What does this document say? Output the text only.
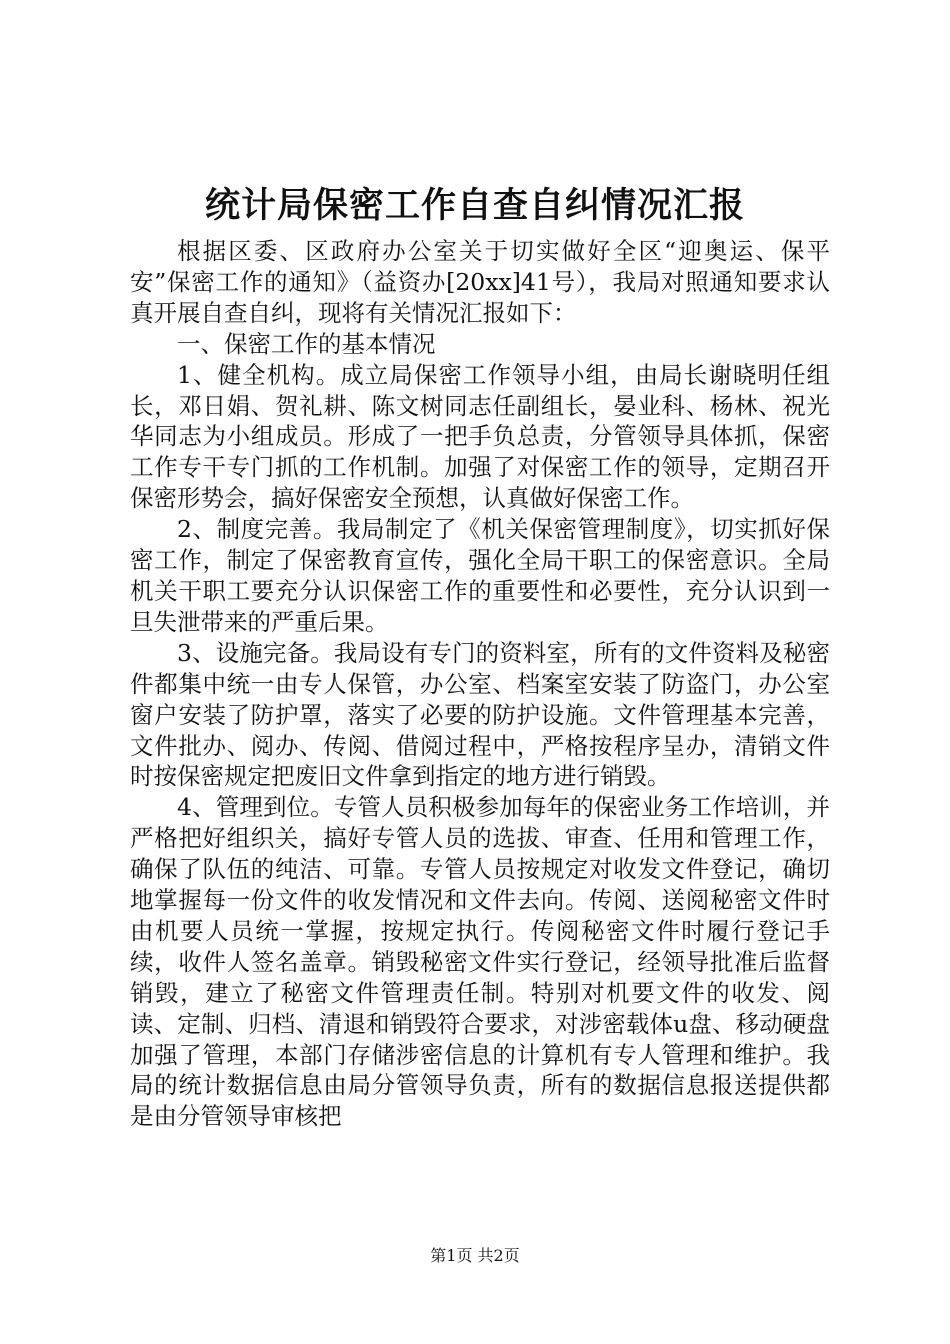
统计局保密工作自查自纠情况汇报

根据区委、区政府办公室关于切实做好全区“迎奥运、保平安”保密工作的通知》（益资办[20xx]41号），我局对照通知要求认真开展自查自纠，现将有关情况汇报如下：

一、保密工作的基本情况

1、健全机构。成立局保密工作领导小组，由局长谢晓明任组长，邓日娟、贺礼耕、陈文树同志任副组长，晏业科、杨林、祝光华同志为小组成员。形成了一把手负总责，分管领导具体抓，保密工作专干专门抓的工作机制。加强了对保密工作的领导，定期召开保密形势会，搞好保密安全预想，认真做好保密工作。

2、制度完善。我局制定了《机关保密管理制度》，切实抓好保密工作，制定了保密教育宣传，强化全局干职工的保密意识。全局机关干职工要充分认识保密工作的重要性和必要性，充分认识到一旦失泄带来的严重后果。

3、设施完备。我局设有专门的资料室，所有的文件资料及秘密件都集中统一由专人保管，办公室、档案室安装了防盗门，办公室窗户安装了防护罩，落实了必要的防护设施。文件管理基本完善，文件批办、阅办、传阅、借阅过程中，严格按程序呈办，清销文件时按保密规定把废旧文件拿到指定的地方进行销毁。

4、管理到位。专管人员积极参加每年的保密业务工作培训，并严格把好组织关，搞好专管人员的选拔、审查、任用和管理工作，确保了队伍的纯洁、可靠。专管人员按规定对收发文件登记，确切地掌握每一份文件的收发情况和文件去向。传阅、送阅秘密文件时由机要人员统一掌握，按规定执行。传阅秘密文件时履行登记手续，收件人签名盖章。销毁秘密文件实行登记，经领导批准后监督销毁，建立了秘密文件管理责任制。特别对机要文件的收发、阅读、定制、归档、清退和销毁符合要求，对涉密载体u盘、移动硬盘加强了管理，本部门存储涉密信息的计算机有专人管理和维护。我局的统计数据信息由局分管领导负责，所有的数据信息报送提供都是由分管领导审核把

第1页 共2页
